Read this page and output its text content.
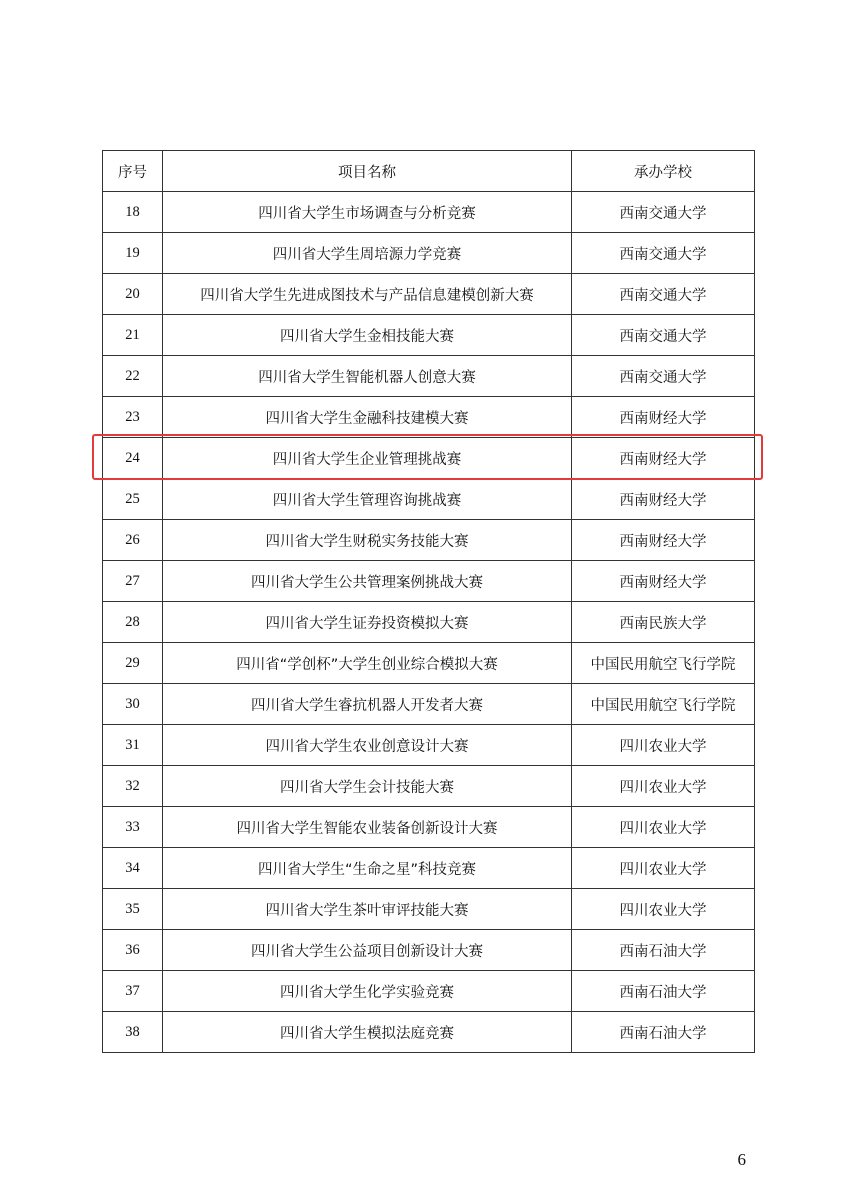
序号	项目名称	承办学校
18	四川省大学生市场调查与分析竞赛	西南交通大学
19	四川省大学生周培源力学竞赛	西南交通大学
20	四川省大学生先进成图技术与产品信息建模创新大赛	西南交通大学
21	四川省大学生金相技能大赛	西南交通大学
22	四川省大学生智能机器人创意大赛	西南交通大学
23	四川省大学生金融科技建模大赛	西南财经大学
24	四川省大学生企业管理挑战赛	西南财经大学
25	四川省大学生管理咨询挑战赛	西南财经大学
26	四川省大学生财税实务技能大赛	西南财经大学
27	四川省大学生公共管理案例挑战大赛	西南财经大学
28	四川省大学生证券投资模拟大赛	西南民族大学
29	四川省“学创杯”大学生创业综合模拟大赛	中国民用航空飞行学院
30	四川省大学生睿抗机器人开发者大赛	中国民用航空飞行学院
31	四川省大学生农业创意设计大赛	四川农业大学
32	四川省大学生会计技能大赛	四川农业大学
33	四川省大学生智能农业装备创新设计大赛	四川农业大学
34	四川省大学生“生命之星”科技竞赛	四川农业大学
35	四川省大学生茶叶审评技能大赛	四川农业大学
36	四川省大学生公益项目创新设计大赛	西南石油大学
37	四川省大学生化学实验竞赛	西南石油大学
38	四川省大学生模拟法庭竞赛	西南石油大学
6
